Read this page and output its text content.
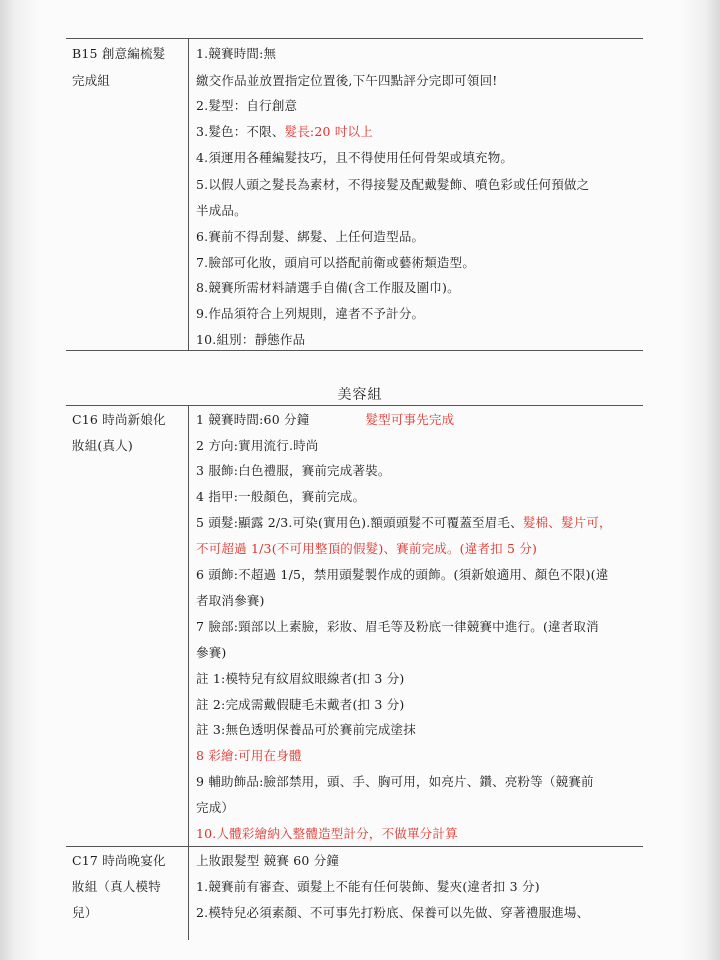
美容組
B15 創意編梳髮
完成組
1.競賽時間:無
繳交作品並放置指定位置後,下午四點評分完即可領回!
2.髮型：自行創意
3.髮色：不限、髮長:20 吋以上
4.須運用各種編髮技巧，且不得使用任何骨架或填充物。
5.以假人頭之髮長為素材，不得接髮及配戴髮飾、噴色彩或任何預做之
半成品。
6.賽前不得刮髮、綁髮、上任何造型品。
7.臉部可化妝，頭肩可以搭配前衛或藝術類造型。
8.競賽所需材料請選手自備(含工作服及圍巾)。
9.作品須符合上列規則，違者不予計分。
10.組別：靜態作品
C16 時尚新娘化
妝組(真人)
1 競賽時間:60 分鐘	髮型可事先完成
2 方向:實用流行.時尚
3 服飾:白色禮服，賽前完成著裝。
4 指甲:一般顏色，賽前完成。
5 頭髮:顯露 2/3.可染(實用色).額頭頭髮不可覆蓋至眉毛、髮棉、髮片可，
不可超過 1/3(不可用整頂的假髮)、賽前完成。(違者扣 5 分)
6 頭飾:不超過 1/5，禁用頭髮製作成的頭飾。(須新娘適用、顏色不限)(違
者取消參賽)
7 臉部:頸部以上素臉，彩妝、眉毛等及粉底一律競賽中進行。(違者取消
參賽)
註 1:模特兒有紋眉紋眼線者(扣 3 分)
註 2:完成需戴假睫毛未戴者(扣 3 分)
註 3:無色透明保養品可於賽前完成塗抹
8 彩繪:可用在身體
9 輔助飾品:臉部禁用，頭、手、胸可用，如亮片、鑽、亮粉等（競賽前
完成）
10.人體彩繪納入整體造型計分，不做單分計算
C17 時尚晚宴化
妝組（真人模特
兒）
上妝跟髮型 競賽 60 分鐘
1.競賽前有審查、頭髮上不能有任何裝飾、髮夾(違者扣 3 分)
2.模特兒必須素顏、不可事先打粉底、保養可以先做、穿著禮服進場、
